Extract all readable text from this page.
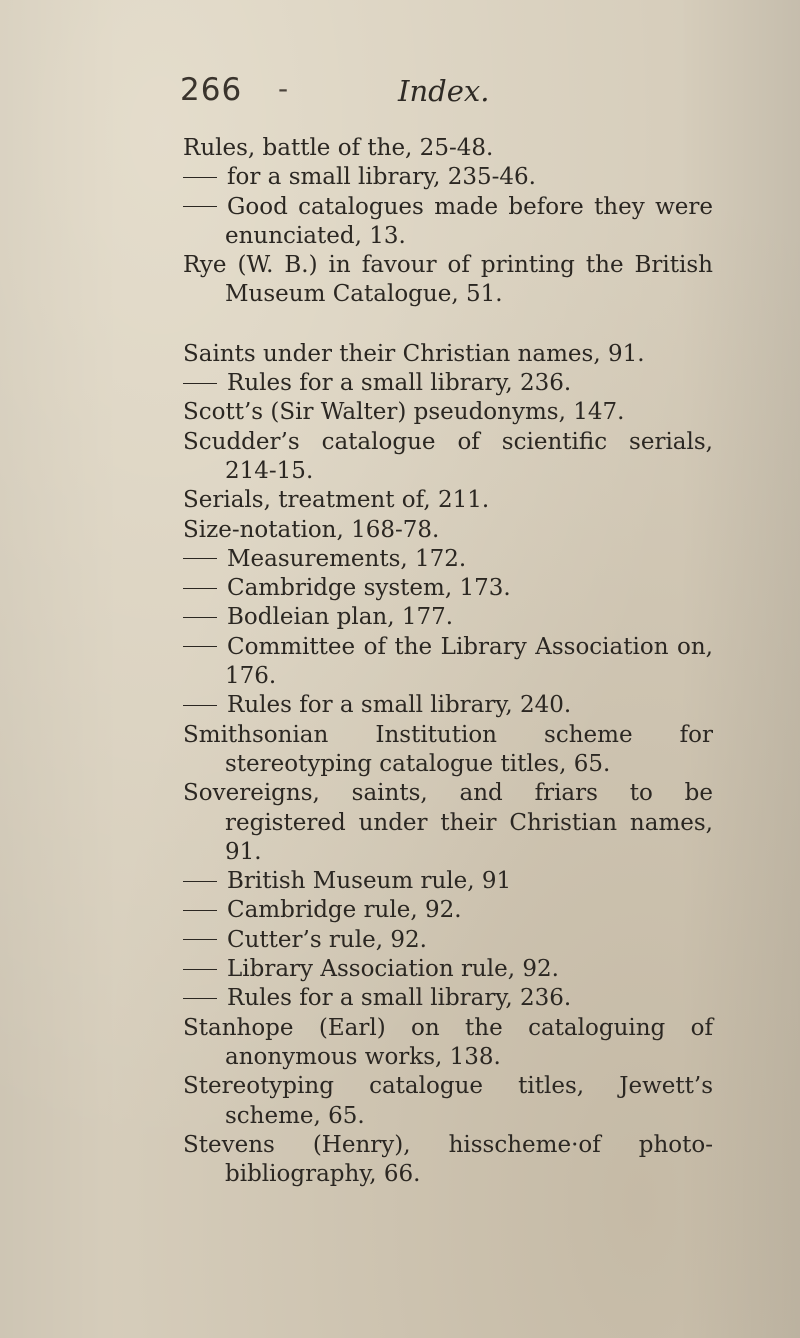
266 -	Index.

Rules, battle of the, 25-48.

for a small library, 235-46.

Good catalogues made before they were enunciated, 13.

Rye (W. B.) in favour of printing the British Museum Catalogue, 51.

Saints under their Christian names, 91.

Rules for a small library, 236.

Scott’s (Sir Walter) pseudonyms, 147.

Scudder’s catalogue of scientific serials, 214-15.

Serials, treatment of, 211.

Size-notation, 168-78.

Measurements, 172.

Cambridge system, 173.

Bodleian plan, 177.

Committee of the Library Association on, 176.

Rules for a small library, 240.

Smithsonian Institution scheme for stereotyping catalogue titles, 65.

Sovereigns, saints, and friars to be registered under their Christian names, 91.

British Museum rule, 91

Cambridge rule, 92.

Cutter’s rule, 92.

Library Association rule, 92.

Rules for a small library, 236.

Stanhope (Earl) on the cataloguing of anonymous works, 138.

Stereotyping catalogue titles, Jewett’s scheme, 65.

Stevens (Henry), hisscheme·of photo-bibliography, 66.
